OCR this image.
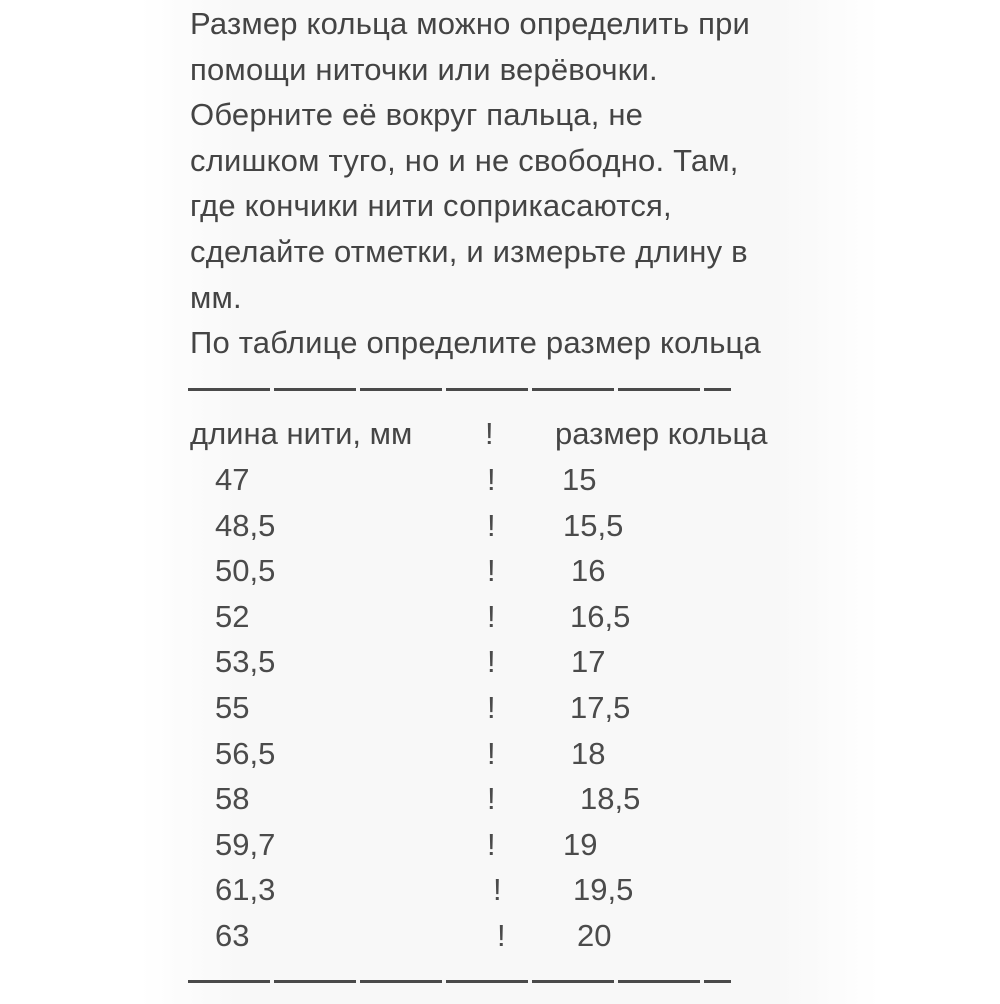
Размер кольца можно определить при
помощи ниточки или верёвочки.
Оберните её вокруг пальца, не
слишком туго, но и не свободно. Там,
где кончики нити соприкасаются,
сделайте отметки, и измерьте длину в
мм.
По таблице определите размер кольца
длина нити, мм ! размер кольца
47	! 15
48,5	! 15,5
50,5	! 16
52	! 16,5
53,5	! 17
55	! 17,5
56,5	! 18
58	!	18,5
59,7	! 19
61,3	! 19,5
63	! 20
